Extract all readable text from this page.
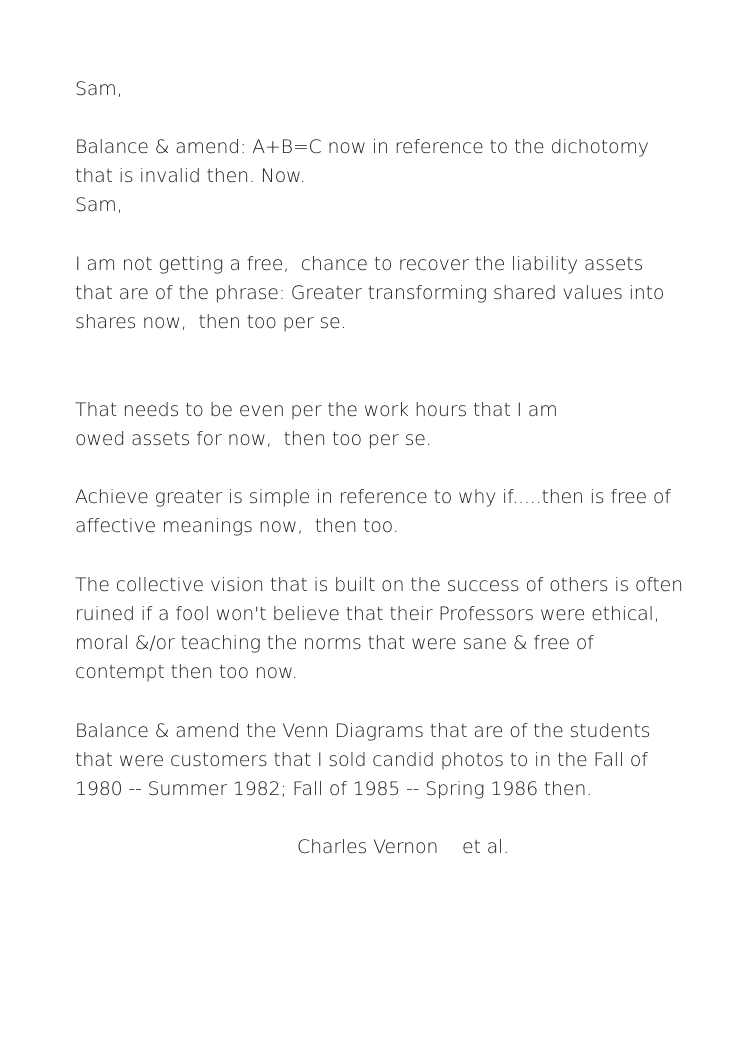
Sam,
Balance & amend: A+B=C now in reference to the dichotomy
that is invalid then. Now.
Sam,
I am not getting a free,  chance to recover the liability assets
that are of the phrase: Greater transforming shared values into
shares now,  then too per se.
That needs to be even per the work hours that I am
owed assets for now,  then too per se.
Achieve greater is simple in reference to why if.....then is free of
affective meanings now,  then too.
The collective vision that is built on the success of others is often
ruined if a fool won't believe that their Professors were ethical,
moral &/or teaching the norms that were sane & free of
contempt then too now.
Balance & amend the Venn Diagrams that are of the students
that were customers that I sold candid photos to in the Fall of
1980 -- Summer 1982; Fall of 1985 -- Spring 1986 then.
Charles Vernon et al.
